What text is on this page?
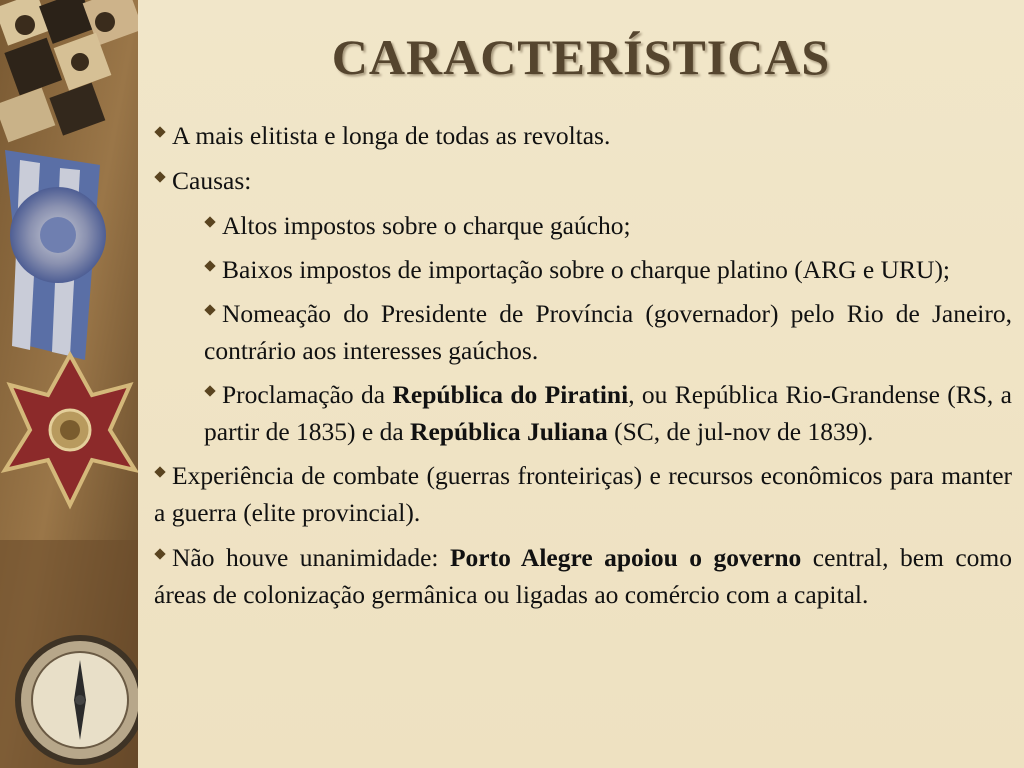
CARACTERÍSTICAS
A mais elitista e longa de todas as revoltas.
Causas:
Altos impostos sobre o charque gaúcho;
Baixos impostos de importação sobre o charque platino (ARG e URU);
Nomeação do Presidente de Província (governador) pelo Rio de Janeiro, contrário aos interesses gaúchos.
Proclamação da República do Piratini, ou República Rio-Grandense (RS, a partir de 1835) e da República Juliana (SC, de jul-nov de 1839).
Experiência de combate (guerras fronteiriças) e recursos econômicos para manter a guerra (elite provincial).
Não houve unanimidade: Porto Alegre apoiou o governo central, bem como áreas de colonização germânica ou ligadas ao comércio com a capital.
